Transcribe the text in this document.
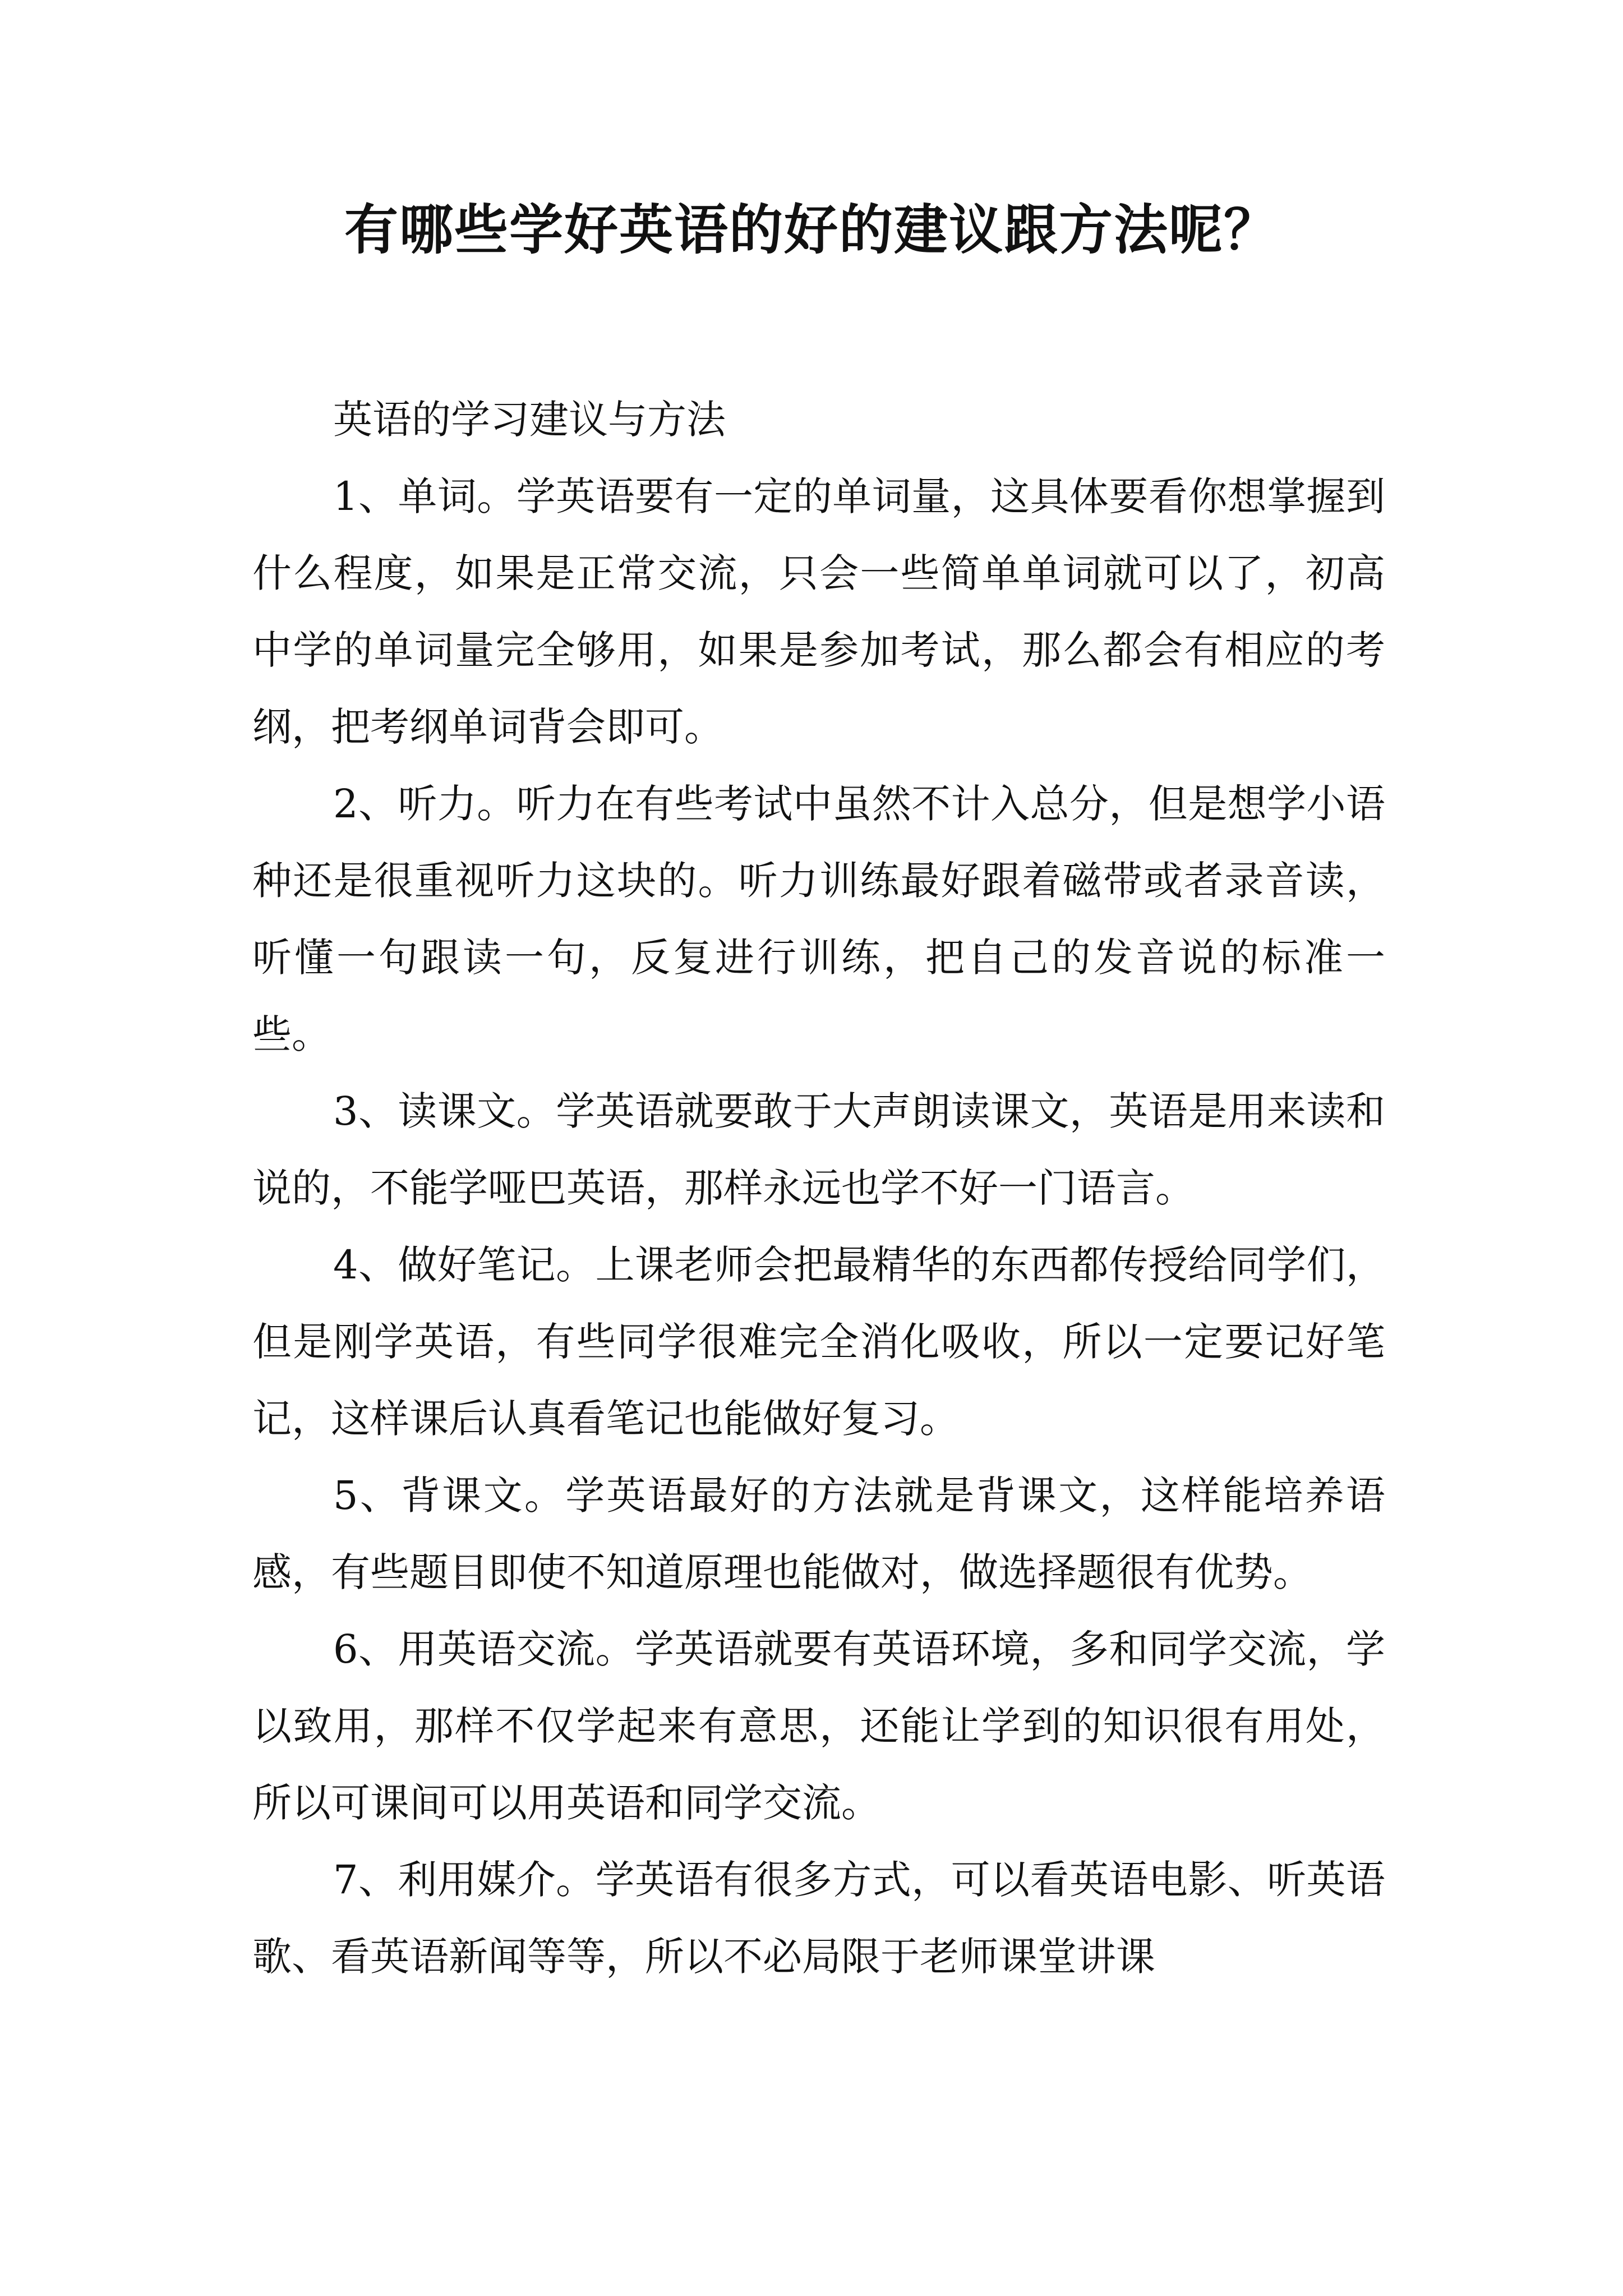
有哪些学好英语的好的建议跟方法呢？

英语的学习建议与方法

1、单词。学英语要有一定的单词量，这具体要看你想掌握到什么程度，如果是正常交流，只会一些简单单词就可以了，初高中学的单词量完全够用，如果是参加考试，那么都会有相应的考纲，把考纲单词背会即可。

2、听力。听力在有些考试中虽然不计入总分，但是想学小语种还是很重视听力这块的。听力训练最好跟着磁带或者录音读，听懂一句跟读一句，反复进行训练，把自己的发音说的标准一些。

3、读课文。学英语就要敢于大声朗读课文，英语是用来读和说的，不能学哑巴英语，那样永远也学不好一门语言。

4、做好笔记。上课老师会把最精华的东西都传授给同学们，但是刚学英语，有些同学很难完全消化吸收，所以一定要记好笔记，这样课后认真看笔记也能做好复习。

5、背课文。学英语最好的方法就是背课文，这样能培养语感，有些题目即使不知道原理也能做对，做选择题很有优势。

6、用英语交流。学英语就要有英语环境，多和同学交流，学以致用，那样不仅学起来有意思，还能让学到的知识很有用处，所以可课间可以用英语和同学交流。

7、利用媒介。学英语有很多方式，可以看英语电影、听英语歌、看英语新闻等等，所以不必局限于老师课堂讲课
